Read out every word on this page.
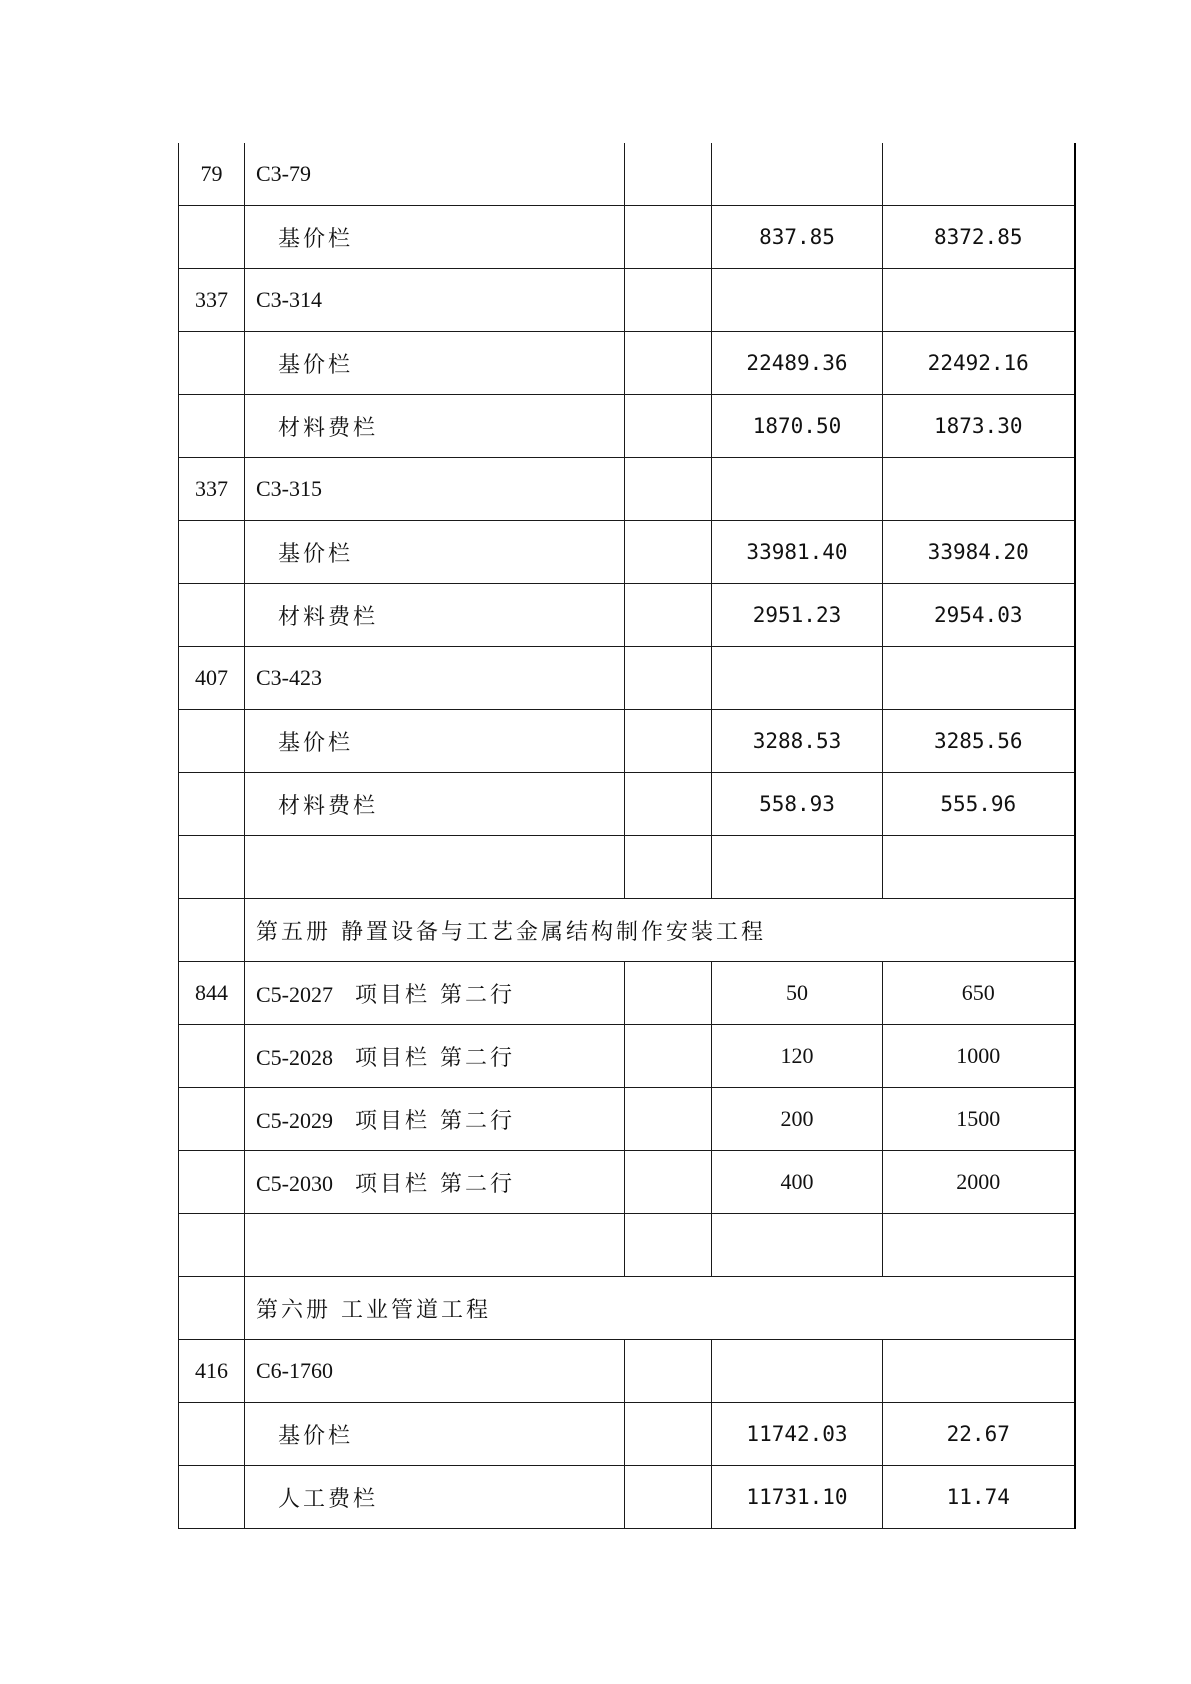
79	C3-79			
	基价栏		837.85	8372.85
337	C3-314			
	基价栏		22489.36	22492.16
	材料费栏		1870.50	1873.30
337	C3-315			
	基价栏		33981.40	33984.20
	材料费栏		2951.23	2954.03
407	C3-423			
	基价栏		3288.53	3285.56
	材料费栏		558.93	555.96

	第五册 静置设备与工艺金属结构制作安装工程			
844	C5-2027 项目栏 第二行		50	650
	C5-2028 项目栏 第二行		120	1000
	C5-2029 项目栏 第二行		200	1500
	C5-2030 项目栏 第二行		400	2000

	第六册 工业管道工程			
416	C6-1760			
	基价栏		11742.03	22.67
	人工费栏		11731.10	11.74
